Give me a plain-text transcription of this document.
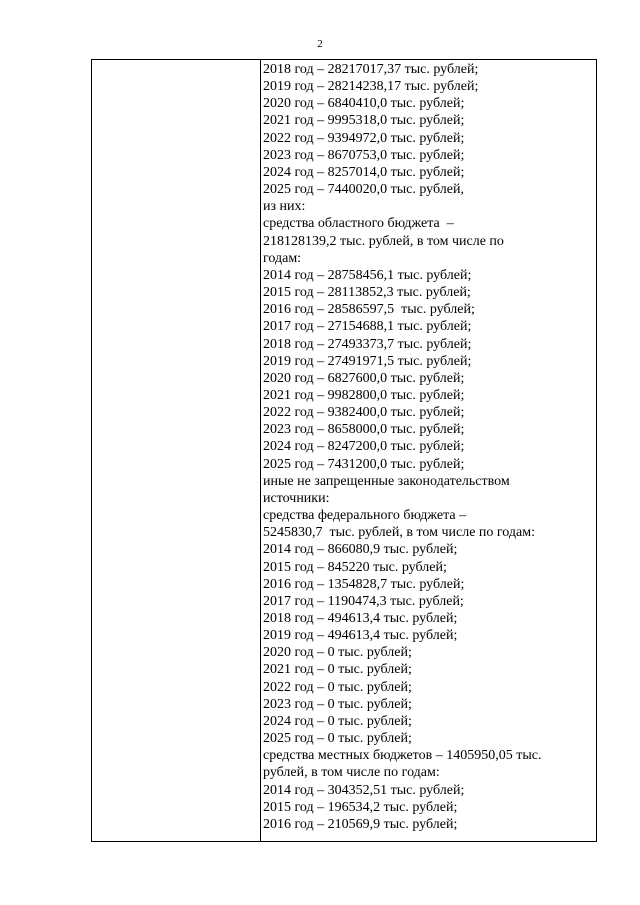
2
2018 год – 28217017,37 тыс. рублей;
2019 год – 28214238,17 тыс. рублей;
2020 год – 6840410,0 тыс. рублей;
2021 год – 9995318,0 тыс. рублей;
2022 год – 9394972,0 тыс. рублей;
2023 год – 8670753,0 тыс. рублей;
2024 год – 8257014,0 тыс. рублей;
2025 год – 7440020,0 тыс. рублей,
из них:
средства областного бюджета  –
218128139,2 тыс. рублей, в том числе по
годам:
2014 год – 28758456,1 тыс. рублей;
2015 год – 28113852,3 тыс. рублей;
2016 год – 28586597,5  тыс. рублей;
2017 год – 27154688,1 тыс. рублей;
2018 год – 27493373,7 тыс. рублей;
2019 год – 27491971,5 тыс. рублей;
2020 год – 6827600,0 тыс. рублей;
2021 год – 9982800,0 тыс. рублей;
2022 год – 9382400,0 тыс. рублей;
2023 год – 8658000,0 тыс. рублей;
2024 год – 8247200,0 тыс. рублей;
2025 год – 7431200,0 тыс. рублей;
иные не запрещенные законодательством
источники:
средства федерального бюджета –
5245830,7  тыс. рублей, в том числе по годам:
2014 год – 866080,9 тыс. рублей;
2015 год – 845220 тыс. рублей;
2016 год – 1354828,7 тыс. рублей;
2017 год – 1190474,3 тыс. рублей;
2018 год – 494613,4 тыс. рублей;
2019 год – 494613,4 тыс. рублей;
2020 год – 0 тыс. рублей;
2021 год – 0 тыс. рублей;
2022 год – 0 тыс. рублей;
2023 год – 0 тыс. рублей;
2024 год – 0 тыс. рублей;
2025 год – 0 тыс. рублей;
средства местных бюджетов – 1405950,05 тыс.
рублей, в том числе по годам:
2014 год – 304352,51 тыс. рублей;
2015 год – 196534,2 тыс. рублей;
2016 год – 210569,9 тыс. рублей;
